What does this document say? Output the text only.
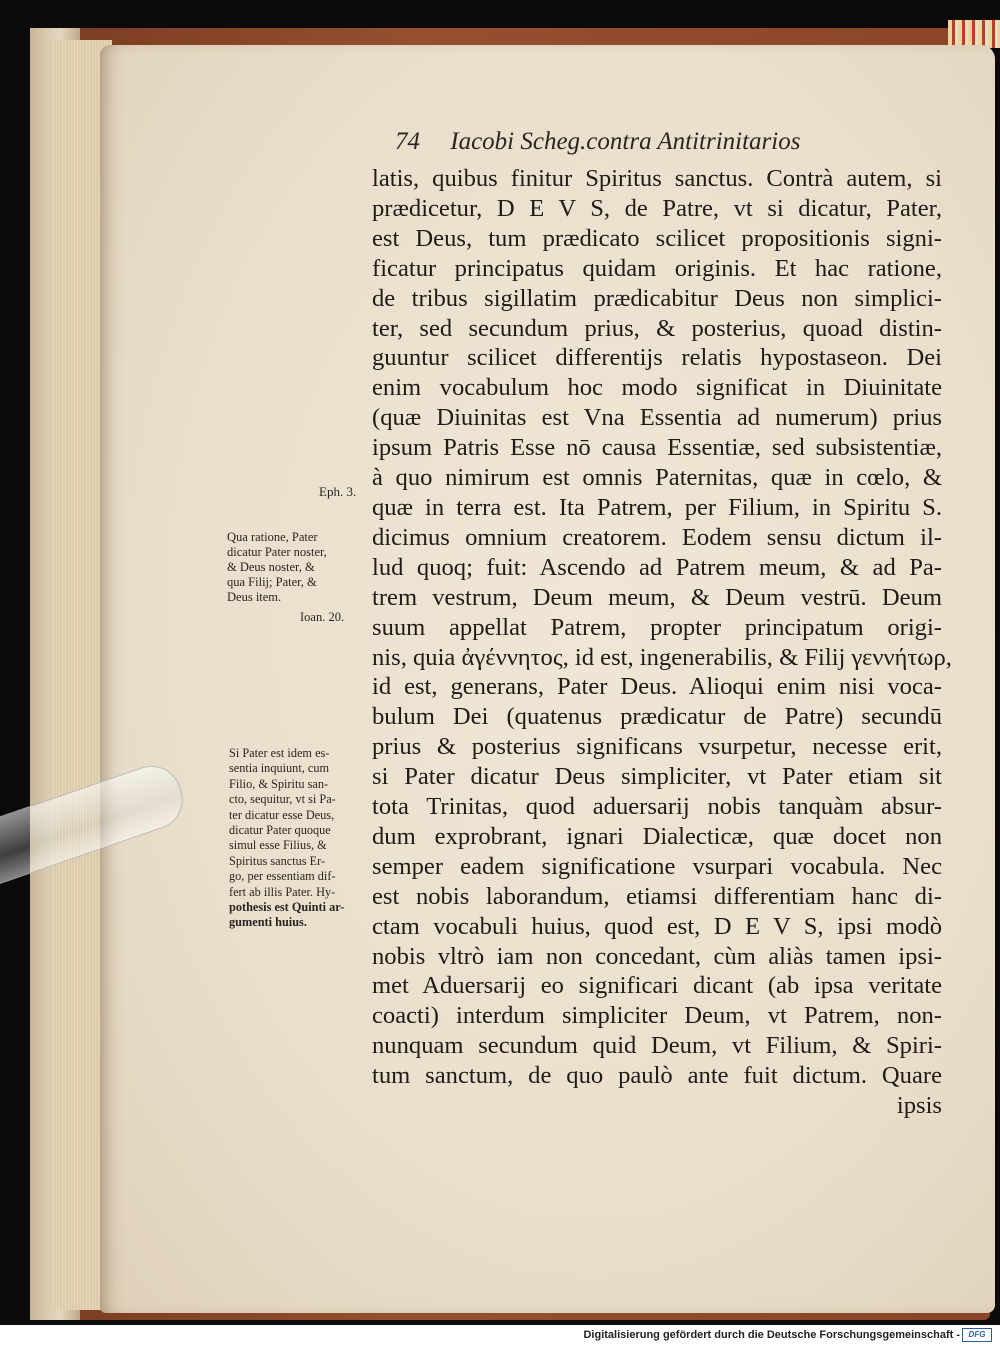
74 Iacobi Scheg.contra Antitrinitarios
latis, quibus finitur Spiritus sanctus. Contrà autem, si
prædicetur, D E V S, de Patre, vt si dicatur, Pater,
est Deus, tum prædicato scilicet propositionis signi-
ficatur principatus quidam originis. Et hac ratione,
de tribus sigillatim prædicabitur Deus non simplici-
ter, sed secundum prius, & posterius, quoad distin-
guuntur scilicet differentijs relatis hypostaseon. Dei
enim vocabulum hoc modo significat in Diuinitate
(quæ Diuinitas est Vna Essentia ad numerum) prius
ipsum Patris Esse nō causa Essentiæ, sed subsistentiæ,
à quo nimirum est omnis Paternitas, quæ in cœlo, &
quæ in terra est. Ita Patrem, per Filium, in Spiritu S.
dicimus omnium creatorem. Eodem sensu dictum il-
lud quoq; fuit: Ascendo ad Patrem meum, & ad Pa-
trem vestrum, Deum meum, & Deum vestrū. Deum
suum appellat Patrem, propter principatum origi-
nis, quia ἀγέννητος, id est, ingenerabilis, & Filij γεννήτωρ,
id est, generans, Pater Deus. Alioqui enim nisi voca-
bulum Dei (quatenus prædicatur de Patre) secundū
prius & posterius significans vsurpetur, necesse erit,
si Pater dicatur Deus simpliciter, vt Pater etiam sit
tota Trinitas, quod aduersarij nobis tanquàm absur-
dum exprobrant, ignari Dialecticæ, quæ docet non
semper eadem significatione vsurpari vocabula. Nec
est nobis laborandum, etiamsi differentiam hanc di-
ctam vocabuli huius, quod est, D E V S, ipsi modò
nobis vltrò iam non concedant, cùm aliàs tamen ipsi-
met Aduersarij eo significari dicant (ab ipsa veritate
coacti) interdum simpliciter Deum, vt Patrem, non-
nunquam secundum quid Deum, vt Filium, & Spiri-
tum sanctum, de quo paulò ante fuit dictum. Quare
ipsis
Eph. 3.
Qua ratione, Pater
dicatur Pater noster,
& Deus noster, &
qua Filij; Pater, &
Deus item.
Ioan. 20.
Si Pater est idem es-
sentia inquiunt, cum
Filio, & Spiritu san-
cto, sequitur, vt si Pa-
ter dicatur esse Deus,
dicatur Pater quoque
simul esse Filius, &
Spiritus sanctus Er-
go, per essentiam dif-
fert ab illis Pater. Hy-
pothesis est Quinti ar-
gumenti huius.
Digitalisierung gefördert durch die Deutsche Forschungsgemeinschaft -	DFG
